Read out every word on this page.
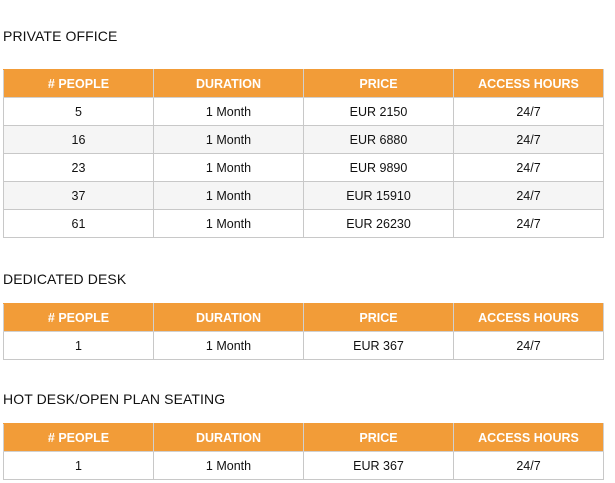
PRIVATE OFFICE
# PEOPLE	DURATION	PRICE	ACCESS HOURS
5	1 Month	EUR 2150	24/7
16	1 Month	EUR 6880	24/7
23	1 Month	EUR 9890	24/7
37	1 Month	EUR 15910	24/7
61	1 Month	EUR 26230	24/7
DEDICATED DESK
# PEOPLE	DURATION	PRICE	ACCESS HOURS
1	1 Month	EUR 367	24/7
HOT DESK/OPEN PLAN SEATING
# PEOPLE	DURATION	PRICE	ACCESS HOURS
1	1 Month	EUR 367	24/7
